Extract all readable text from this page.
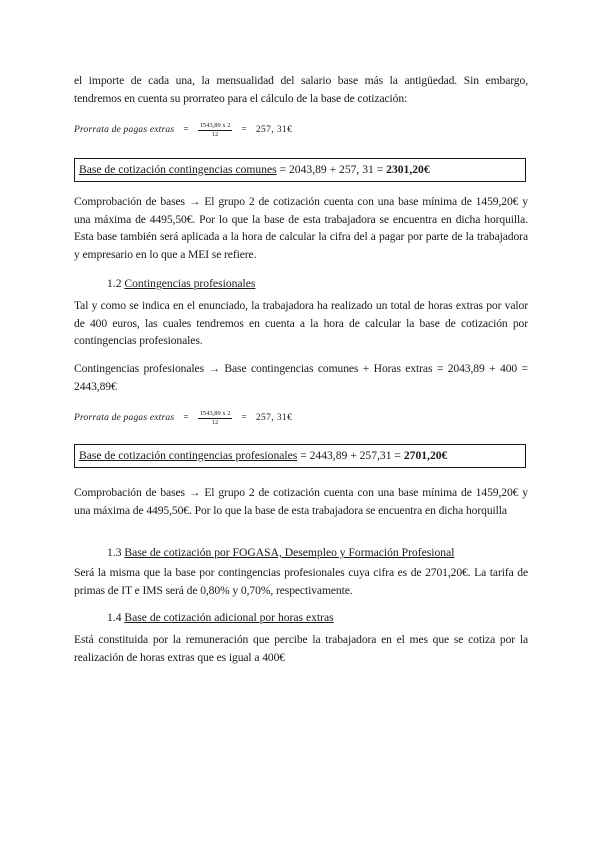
el importe de cada una, la mensualidad del salario base más la antigüedad. Sin embargo,
tendremos en cuenta su prorrateo para el cálculo de la base de cotización:
Prorrata de pagas extras = $\frac{1543,89 x 2}{12} = 257$, 31€
Base de cotización contingencias comunes = 2043,89 + 257, 31 = 2301,20€
Comprobación de bases → El grupo 2 de cotización cuenta con una base mínima de 1459,20€ y una máxima de 4495,50€. Por lo que la base de esta trabajadora se encuentra en dicha horquilla. Esta base también será aplicada a la hora de calcular la cifra del a pagar por parte de la trabajadora y empresario en lo que a MEI se refiere.
1.2 Contingencias profesionales
Tal y como se indica en el enunciado, la trabajadora ha realizado un total de horas extras por valor de 400 euros, las cuales tendremos en cuenta a la hora de calcular la base de cotización por contingencias profesionales.
Contingencias profesionales → Base contingencias comunes + Horas extras = 2043,89 + 400 = 2443,89€
Prorrata de pagas extras = $\frac{1543,89 x 2}{12} = 257$, 31€
Base de cotización contingencias profesionales = 2443,89 + 257,31 = 2701,20€
Comprobación de bases → El grupo 2 de cotización cuenta con una base mínima de 1459,20€ y una máxima de 4495,50€. Por lo que la base de esta trabajadora se encuentra en dicha horquilla
1.3 Base de cotización por FOGASA, Desempleo y Formación Profesional
Será la misma que la base por contingencias profesionales cuya cifra es de 2701,20€. La tarifa de primas de IT e IMS será de 0,80% y 0,70%, respectivamente.
1.4 Base de cotización adicional por horas extras
Está constituida por la remuneración que percibe la trabajadora en el mes que se cotiza por la realización de horas extras que es igual a 400€
